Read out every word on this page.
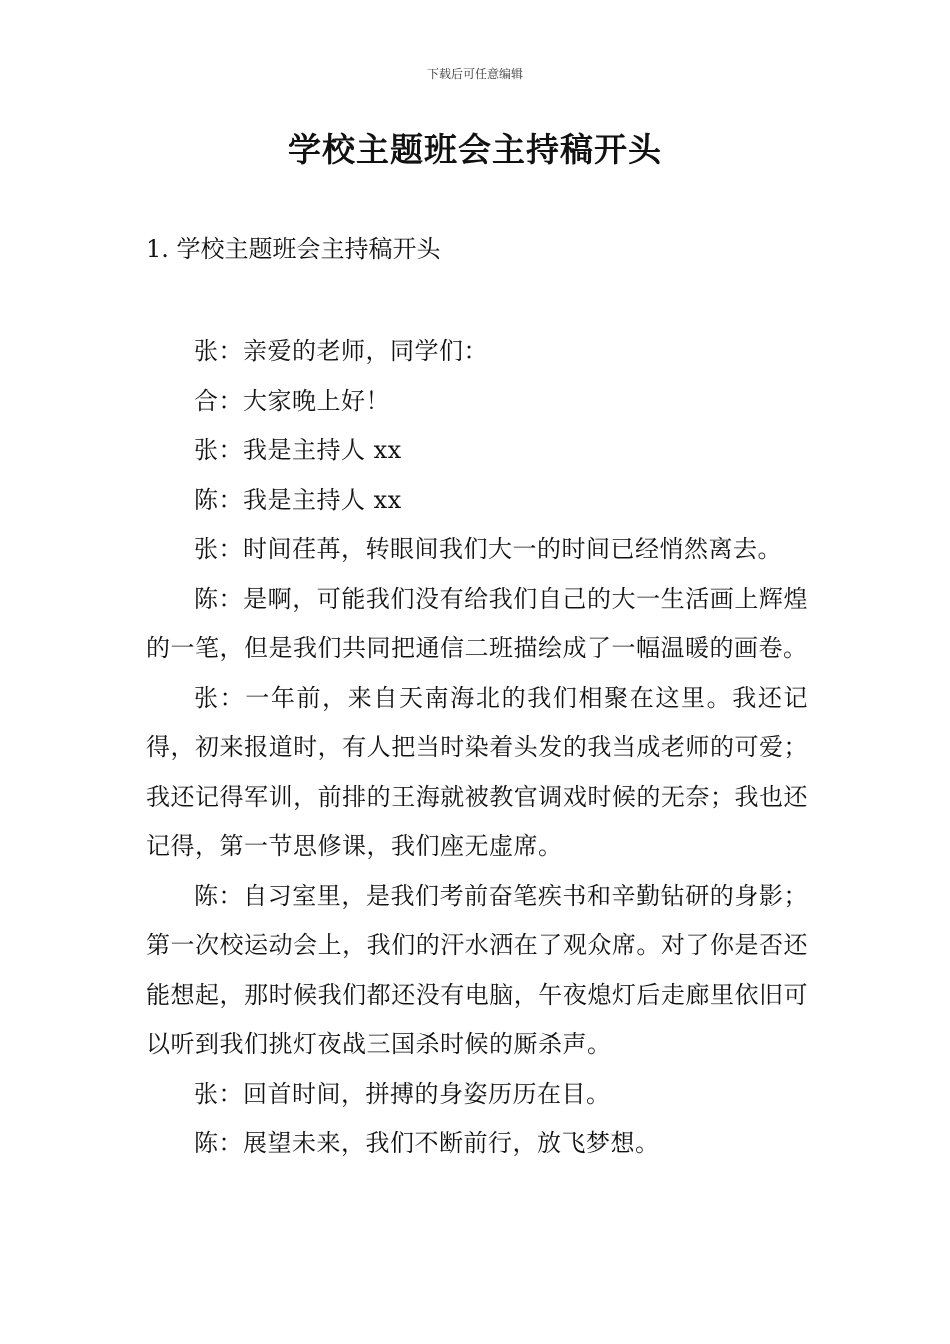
下载后可任意编辑
学校主题班会主持稿开头
1. 学校主题班会主持稿开头

张：亲爱的老师，同学们：

合：大家晚上好！

张：我是主持人 xx

陈：我是主持人 xx

张：时间荏苒，转眼间我们大一的时间已经悄然离去。

陈：是啊，可能我们没有给我们自己的大一生活画上辉煌的一笔，但是我们共同把通信二班描绘成了一幅温暖的画卷。

张：一年前，来自天南海北的我们相聚在这里。我还记得，初来报道时，有人把当时染着头发的我当成老师的可爱；我还记得军训，前排的王海就被教官调戏时候的无奈；我也还记得，第一节思修课，我们座无虚席。

陈：自习室里，是我们考前奋笔疾书和辛勤钻研的身影；第一次校运动会上，我们的汗水洒在了观众席。对了你是否还能想起，那时候我们都还没有电脑，午夜熄灯后走廊里依旧可以听到我们挑灯夜战三国杀时候的厮杀声。

张：回首时间，拼搏的身姿历历在目。

陈：展望未来，我们不断前行，放飞梦想。
